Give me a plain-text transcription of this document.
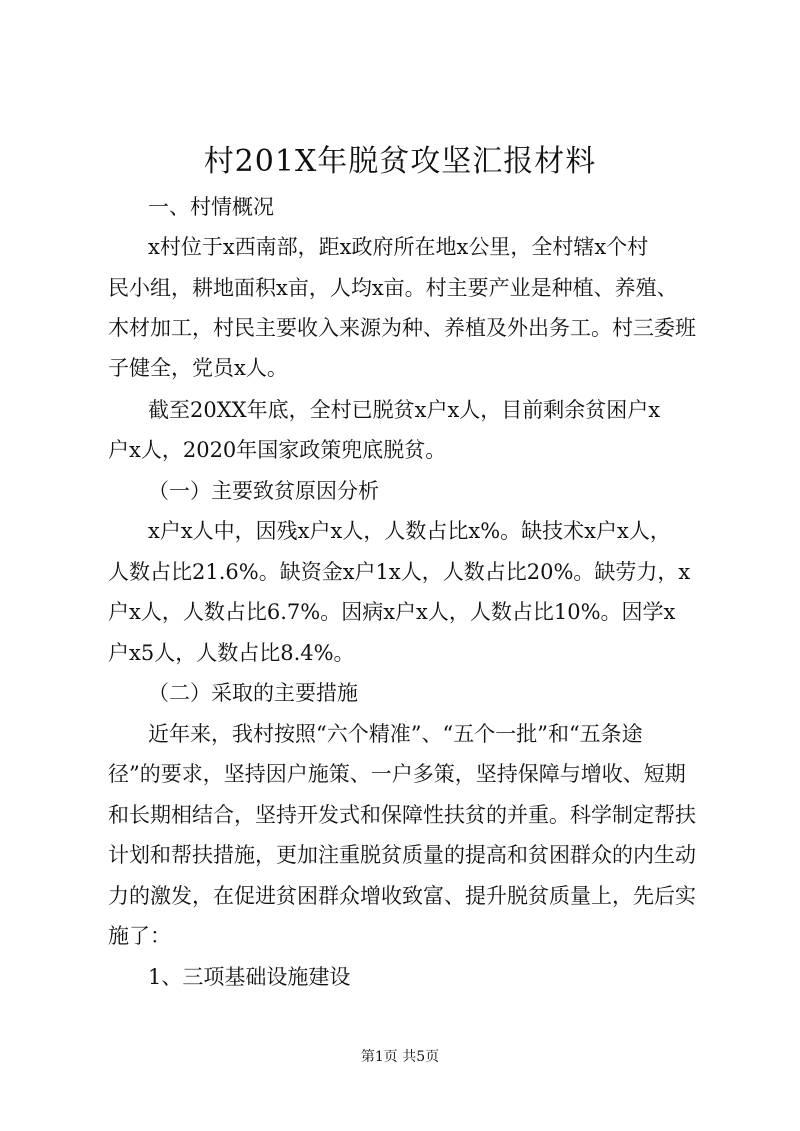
村201X年脱贫攻坚汇报材料

一、村情概况

x村位于x西南部，距x政府所在地x公里，全村辖x个村

民小组，耕地面积x亩，人均x亩。村主要产业是种植、养殖、

木材加工，村民主要收入来源为种、养植及外出务工。村三委班

子健全，党员x人。

截至20XX年底，全村已脱贫x户x人，目前剩余贫困户x

户x人，2020年国家政策兜底脱贫。

（一）主要致贫原因分析

x户x人中，因残x户x人，人数占比x%。缺技术x户x人，

人数占比21.6%。缺资金x户1x人，人数占比20%。缺劳力，x

户x人，人数占比6.7%。因病x户x人，人数占比10%。因学x

户x5人，人数占比8.4%。

（二）采取的主要措施

近年来，我村按照“六个精准”、“五个一批”和“五条途

径”的要求，坚持因户施策、一户多策，坚持保障与增收、短期

和长期相结合，坚持开发式和保障性扶贫的并重。科学制定帮扶

计划和帮扶措施，更加注重脱贫质量的提高和贫困群众的内生动

力的激发，在促进贫困群众增收致富、提升脱贫质量上，先后实

施了：

1、三项基础设施建设

第1页 共5页
